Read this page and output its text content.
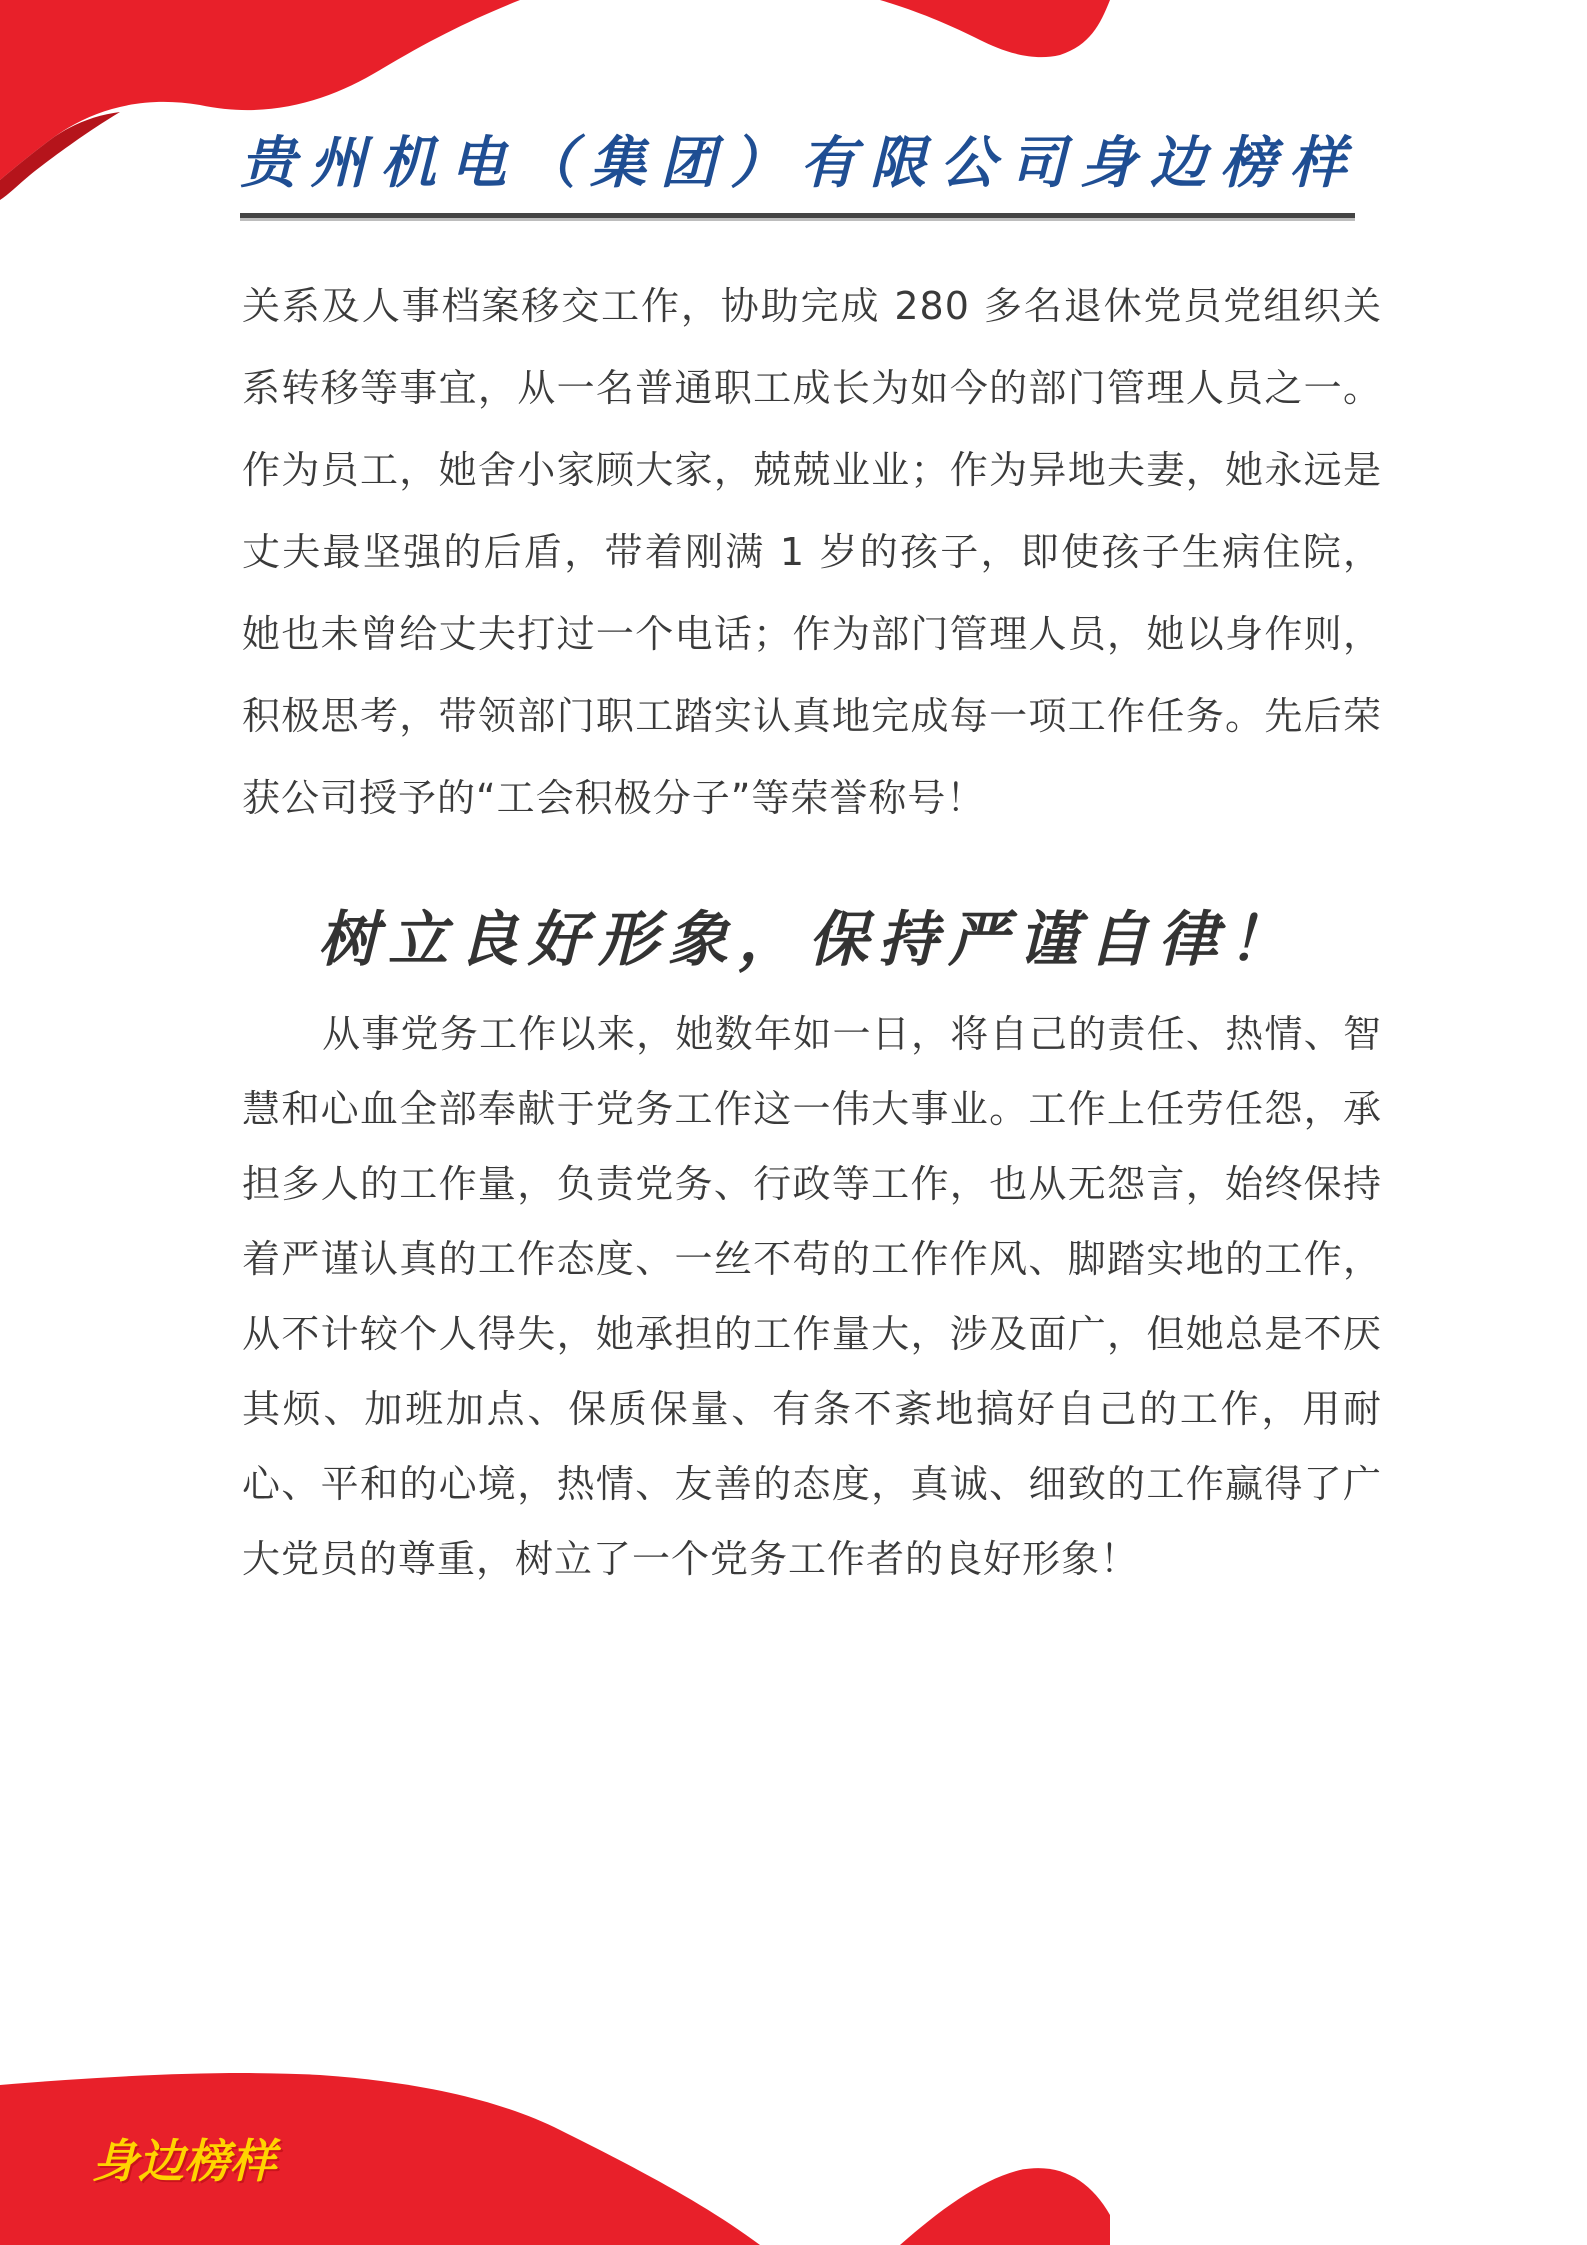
贵州机电（集团）有限公司身边榜样

关系及人事档案移交工作，协助完成 280 多名退休党员党组织关系转移等事宜，从一名普通职工成长为如今的部门管理人员之一。作为员工，她舍小家顾大家，兢兢业业；作为异地夫妻，她永远是丈夫最坚强的后盾，带着刚满 1 岁的孩子，即使孩子生病住院，她也未曾给丈夫打过一个电话；作为部门管理人员，她以身作则，积极思考，带领部门职工踏实认真地完成每一项工作任务。先后荣获公司授予的“工会积极分子”等荣誉称号！

树立良好形象，保持严谨自律！

从事党务工作以来，她数年如一日，将自己的责任、热情、智慧和心血全部奉献于党务工作这一伟大事业。工作上任劳任怨，承担多人的工作量，负责党务、行政等工作，也从无怨言，始终保持着严谨认真的工作态度、一丝不苟的工作作风、脚踏实地的工作，从不计较个人得失，她承担的工作量大，涉及面广，但她总是不厌其烦、加班加点、保质保量、有条不紊地搞好自己的工作，用耐心、平和的心境，热情、友善的态度，真诚、细致的工作赢得了广大党员的尊重，树立了一个党务工作者的良好形象！

身边榜样
